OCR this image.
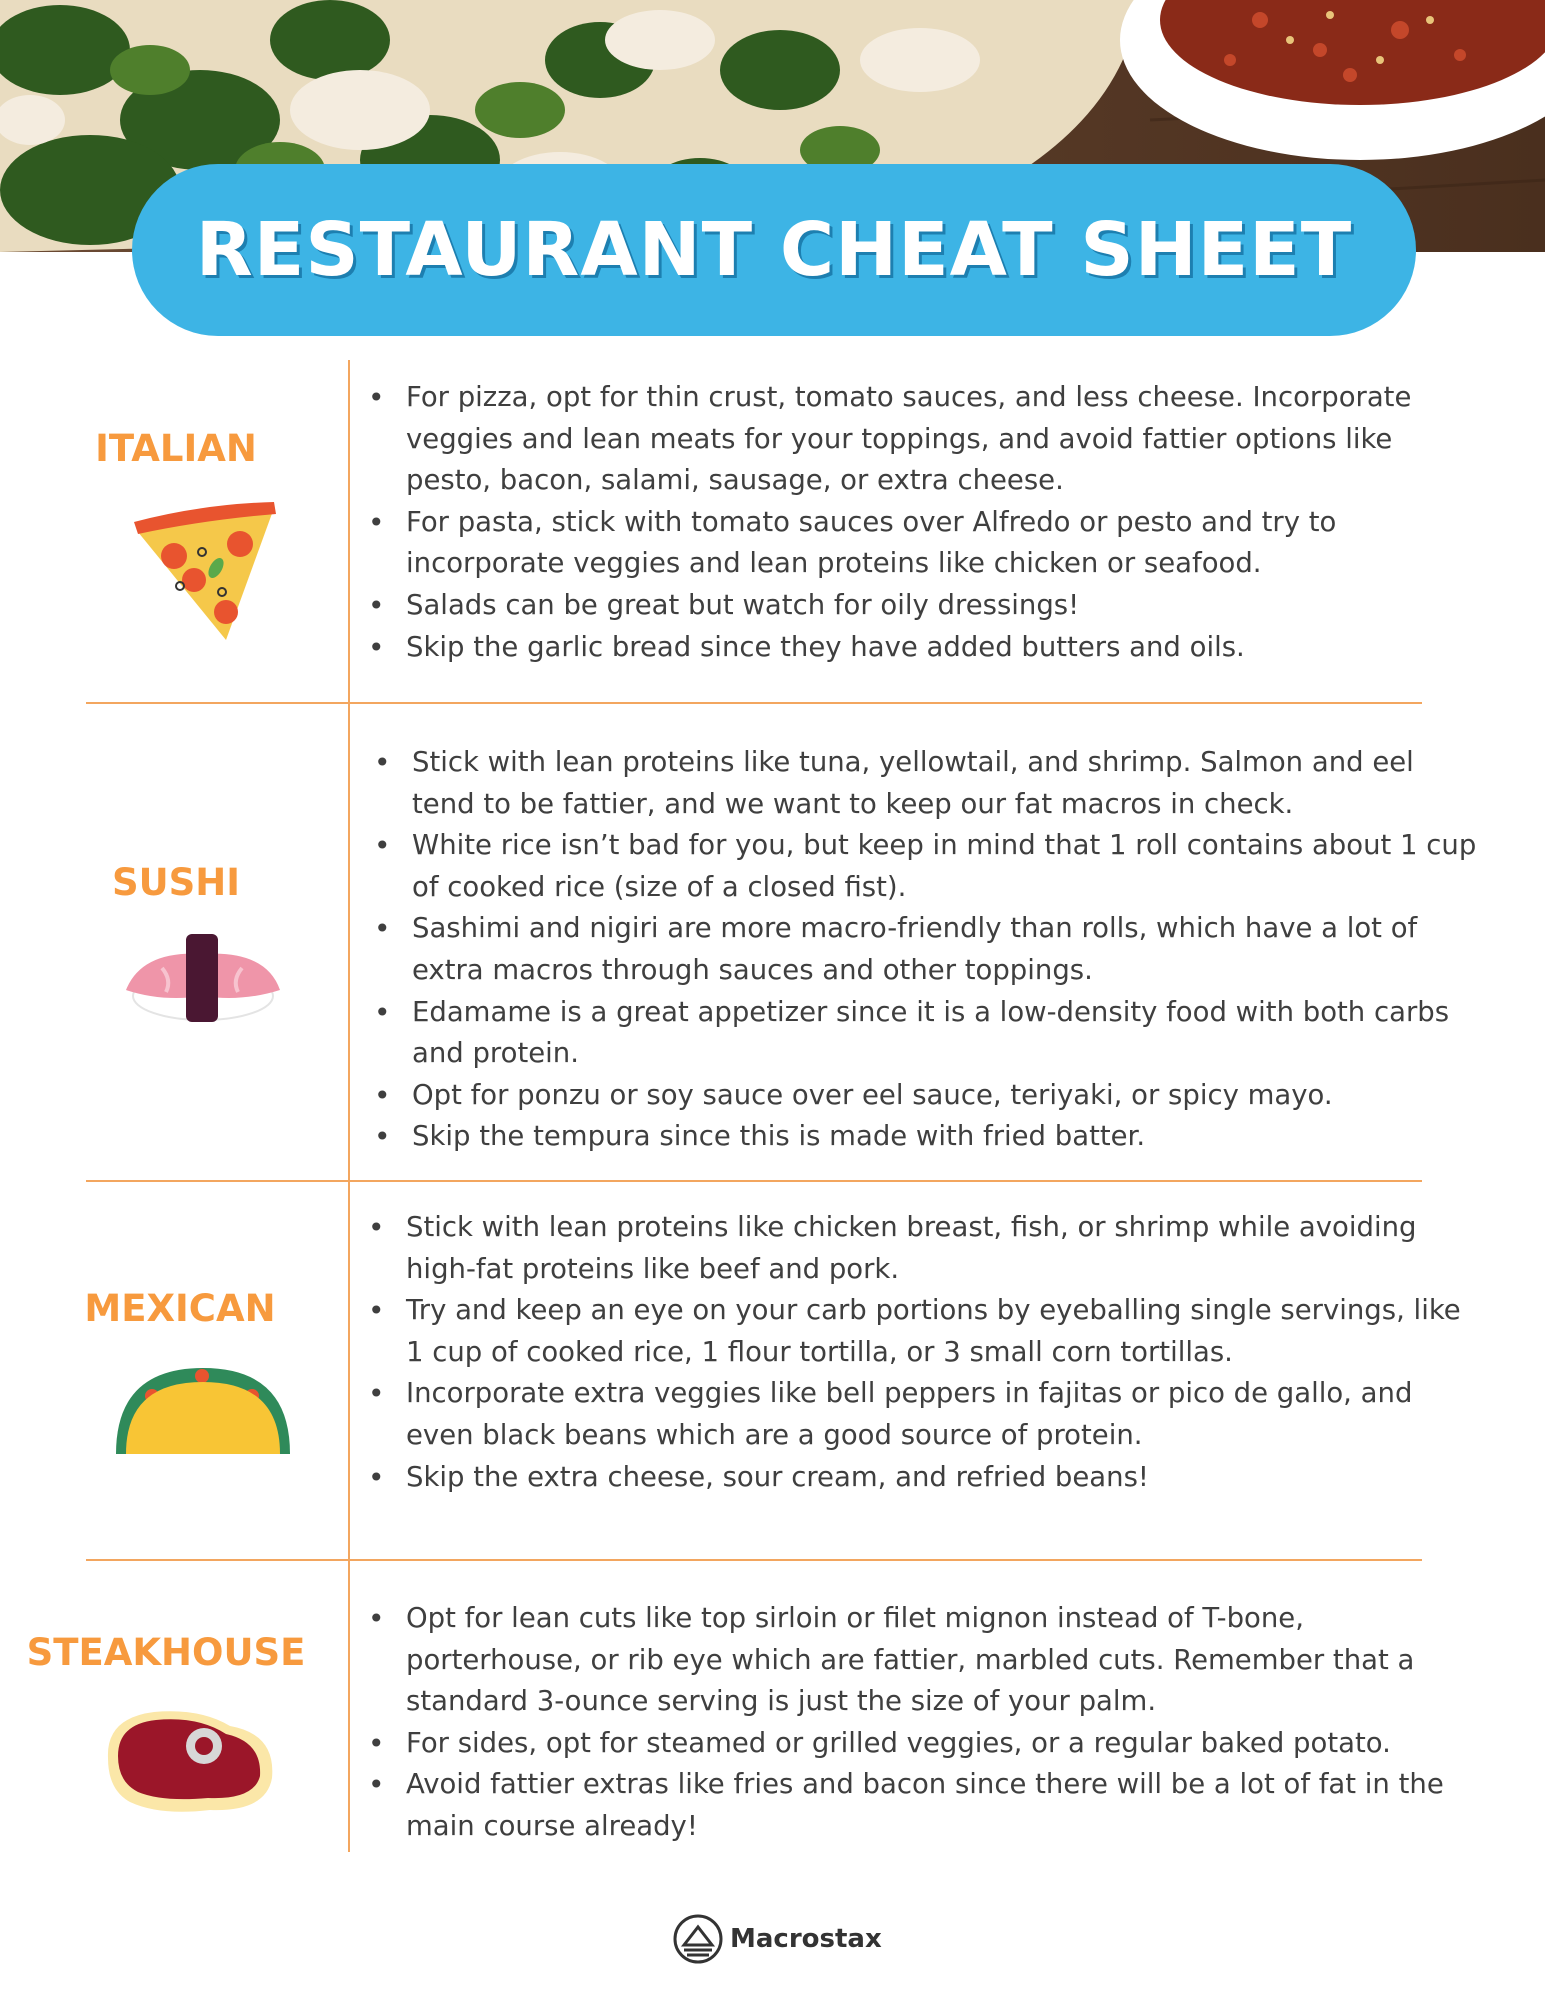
RESTAURANT CHEAT SHEET
ITALIAN
• For pizza, opt for thin crust, tomato sauces, and less cheese. Incorporate veggies and lean meats for your toppings, and avoid fattier options like pesto, bacon, salami, sausage, or extra cheese.
• For pasta, stick with tomato sauces over Alfredo or pesto and try to incorporate veggies and lean proteins like chicken or seafood.
• Salads can be great but watch for oily dressings!
• Skip the garlic bread since they have added butters and oils.
SUSHI
• Stick with lean proteins like tuna, yellowtail, and shrimp. Salmon and eel tend to be fattier, and we want to keep our fat macros in check.
• White rice isn’t bad for you, but keep in mind that 1 roll contains about 1 cup of cooked rice (size of a closed fist).
• Sashimi and nigiri are more macro-friendly than rolls, which have a lot of extra macros through sauces and other toppings.
• Edamame is a great appetizer since it is a low-density food with both carbs and protein.
• Opt for ponzu or soy sauce over eel sauce, teriyaki, or spicy mayo.
• Skip the tempura since this is made with fried batter.
MEXICAN
• Stick with lean proteins like chicken breast, fish, or shrimp while avoiding high-fat proteins like beef and pork.
• Try and keep an eye on your carb portions by eyeballing single servings, like 1 cup of cooked rice, 1 flour tortilla, or 3 small corn tortillas.
• Incorporate extra veggies like bell peppers in fajitas or pico de gallo, and even black beans which are a good source of protein.
• Skip the extra cheese, sour cream, and refried beans!
STEAKHOUSE
• Opt for lean cuts like top sirloin or filet mignon instead of T-bone, porterhouse, or rib eye which are fattier, marbled cuts. Remember that a standard 3-ounce serving is just the size of your palm.
• For sides, opt for steamed or grilled veggies, or a regular baked potato.
• Avoid fattier extras like fries and bacon since there will be a lot of fat in the main course already!
Macrostax
